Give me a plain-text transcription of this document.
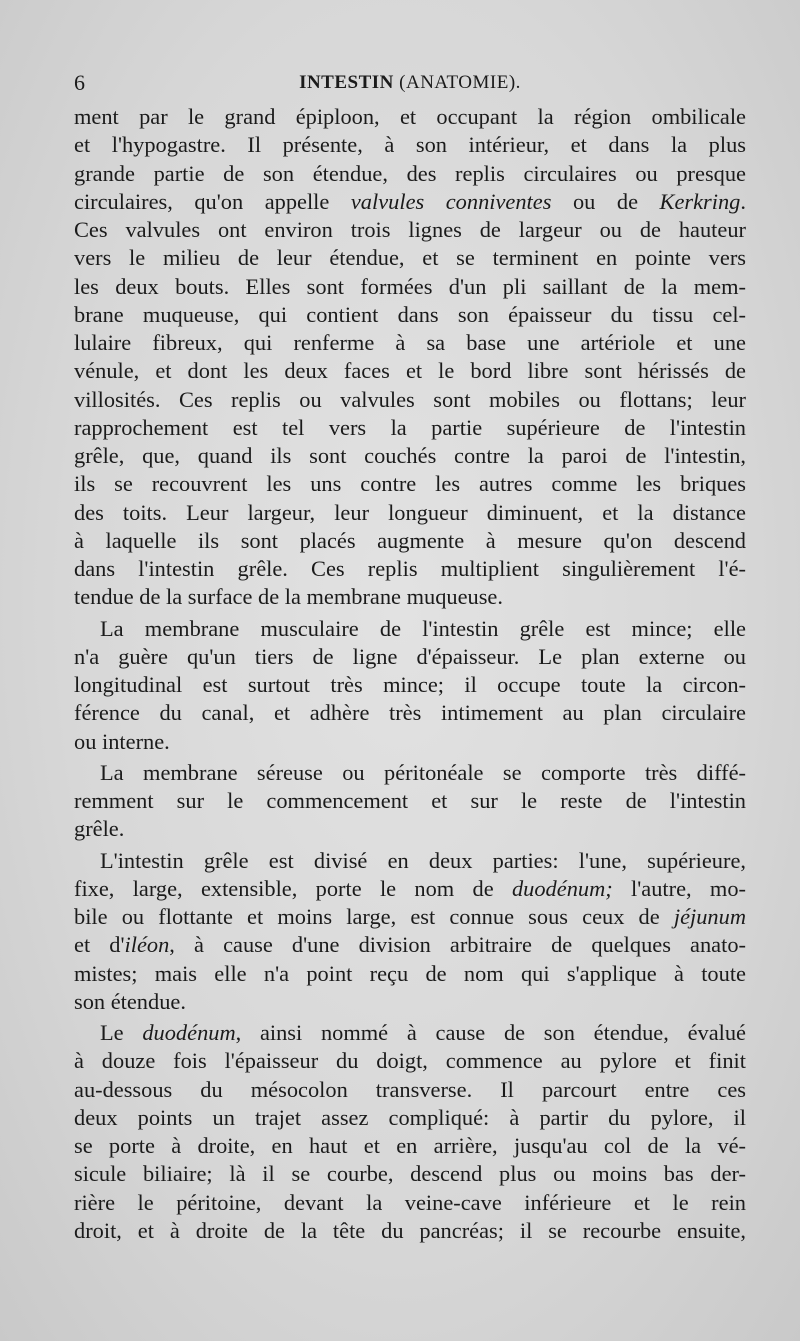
6	INTESTIN (ANATOMIE).
ment par le grand épiploon, et occupant la région ombilicale
et l'hypogastre. Il présente, à son intérieur, et dans la plus
grande partie de son étendue, des replis circulaires ou presque
circulaires, qu'on appelle valvules conniventes ou de Kerkring.
Ces valvules ont environ trois lignes de largeur ou de hauteur
vers le milieu de leur étendue, et se terminent en pointe vers
les deux bouts. Elles sont formées d'un pli saillant de la mem-
brane muqueuse, qui contient dans son épaisseur du tissu cel-
lulaire fibreux, qui renferme à sa base une artériole et une
vénule, et dont les deux faces et le bord libre sont hérissés de
villosités. Ces replis ou valvules sont mobiles ou flottans; leur
rapprochement est tel vers la partie supérieure de l'intestin
grêle, que, quand ils sont couchés contre la paroi de l'intestin,
ils se recouvrent les uns contre les autres comme les briques
des toits. Leur largeur, leur longueur diminuent, et la distance
à laquelle ils sont placés augmente à mesure qu'on descend
dans l'intestin grêle. Ces replis multiplient singulièrement l'é-
tendue de la surface de la membrane muqueuse.
La membrane musculaire de l'intestin grêle est mince; elle
n'a guère qu'un tiers de ligne d'épaisseur. Le plan externe ou
longitudinal est surtout très mince; il occupe toute la circon-
férence du canal, et adhère très intimement au plan circulaire
ou interne.
La membrane séreuse ou péritonéale se comporte très diffé-
remment sur le commencement et sur le reste de l'intestin
grêle.
L'intestin grêle est divisé en deux parties: l'une, supérieure,
fixe, large, extensible, porte le nom de duodénum; l'autre, mo-
bile ou flottante et moins large, est connue sous ceux de jéjunum
et d'iléon, à cause d'une division arbitraire de quelques anato-
mistes; mais elle n'a point reçu de nom qui s'applique à toute
son étendue.
Le duodénum, ainsi nommé à cause de son étendue, évalué
à douze fois l'épaisseur du doigt, commence au pylore et finit
au-dessous du mésocolon transverse. Il parcourt entre ces
deux points un trajet assez compliqué: à partir du pylore, il
se porte à droite, en haut et en arrière, jusqu'au col de la vé-
sicule biliaire; là il se courbe, descend plus ou moins bas der-
rière le péritoine, devant la veine-cave inférieure et le rein
droit, et à droite de la tête du pancréas; il se recourbe ensuite,
